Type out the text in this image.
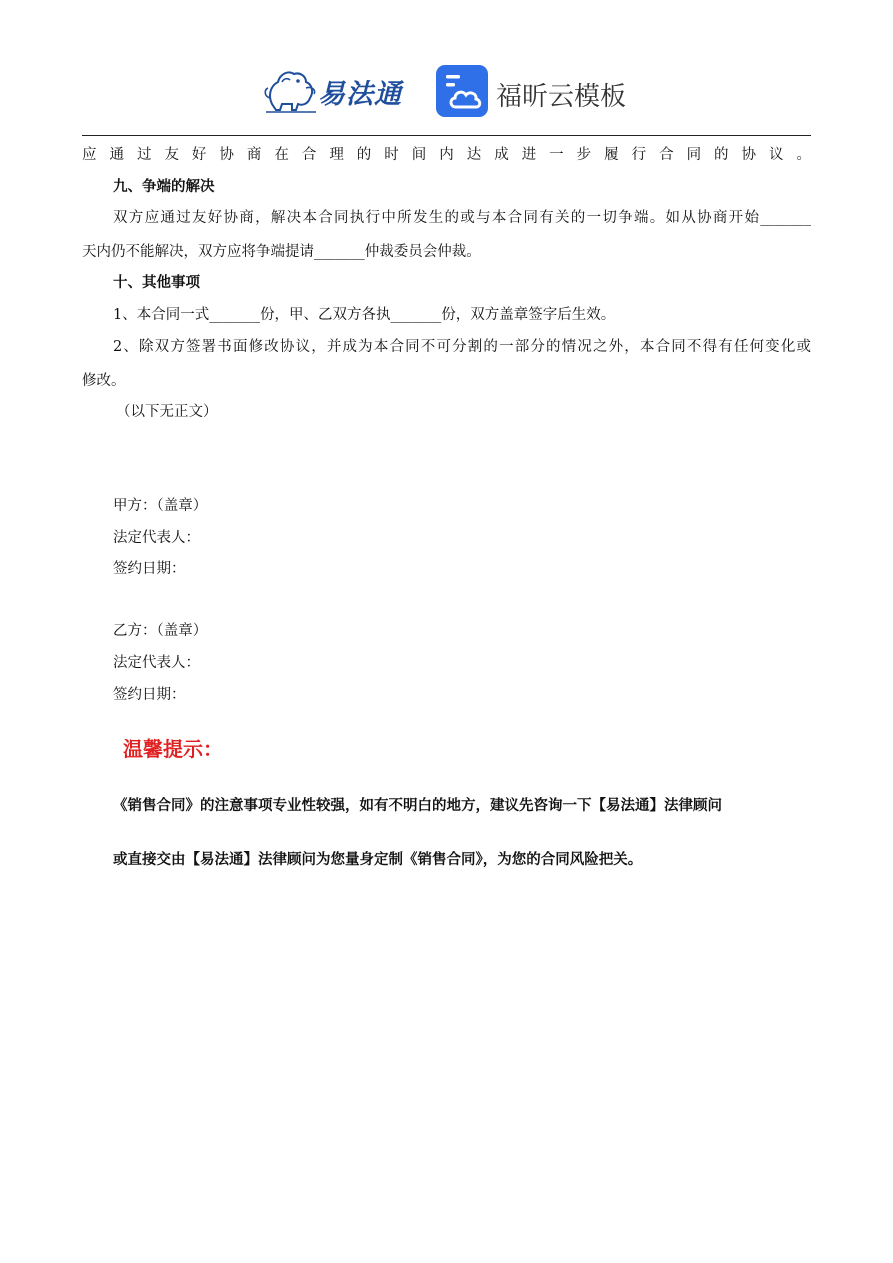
易法通	福昕云模板
应通过友好协商在合理的时间内达成进一步履行合同的协议。
九、争端的解决
双方应通过友好协商，解决本合同执行中所发生的或与本合同有关的一切争端。如从协商开始_______
天内仍不能解决，双方应将争端提请_______仲裁委员会仲裁。
十、其他事项
1、本合同一式_______份，甲、乙双方各执_______份，双方盖章签字后生效。
2、除双方签署书面修改协议，并成为本合同不可分割的一部分的情况之外，本合同不得有任何变化或
修改。
（以下无正文）
甲方：（盖章）
法定代表人：
签约日期：
乙方：（盖章）
法定代表人：
签约日期：
温馨提示：
《销售合同》的注意事项专业性较强，如有不明白的地方，建议先咨询一下【易法通】法律顾问
或直接交由【易法通】法律顾问为您量身定制《销售合同》，为您的合同风险把关。
